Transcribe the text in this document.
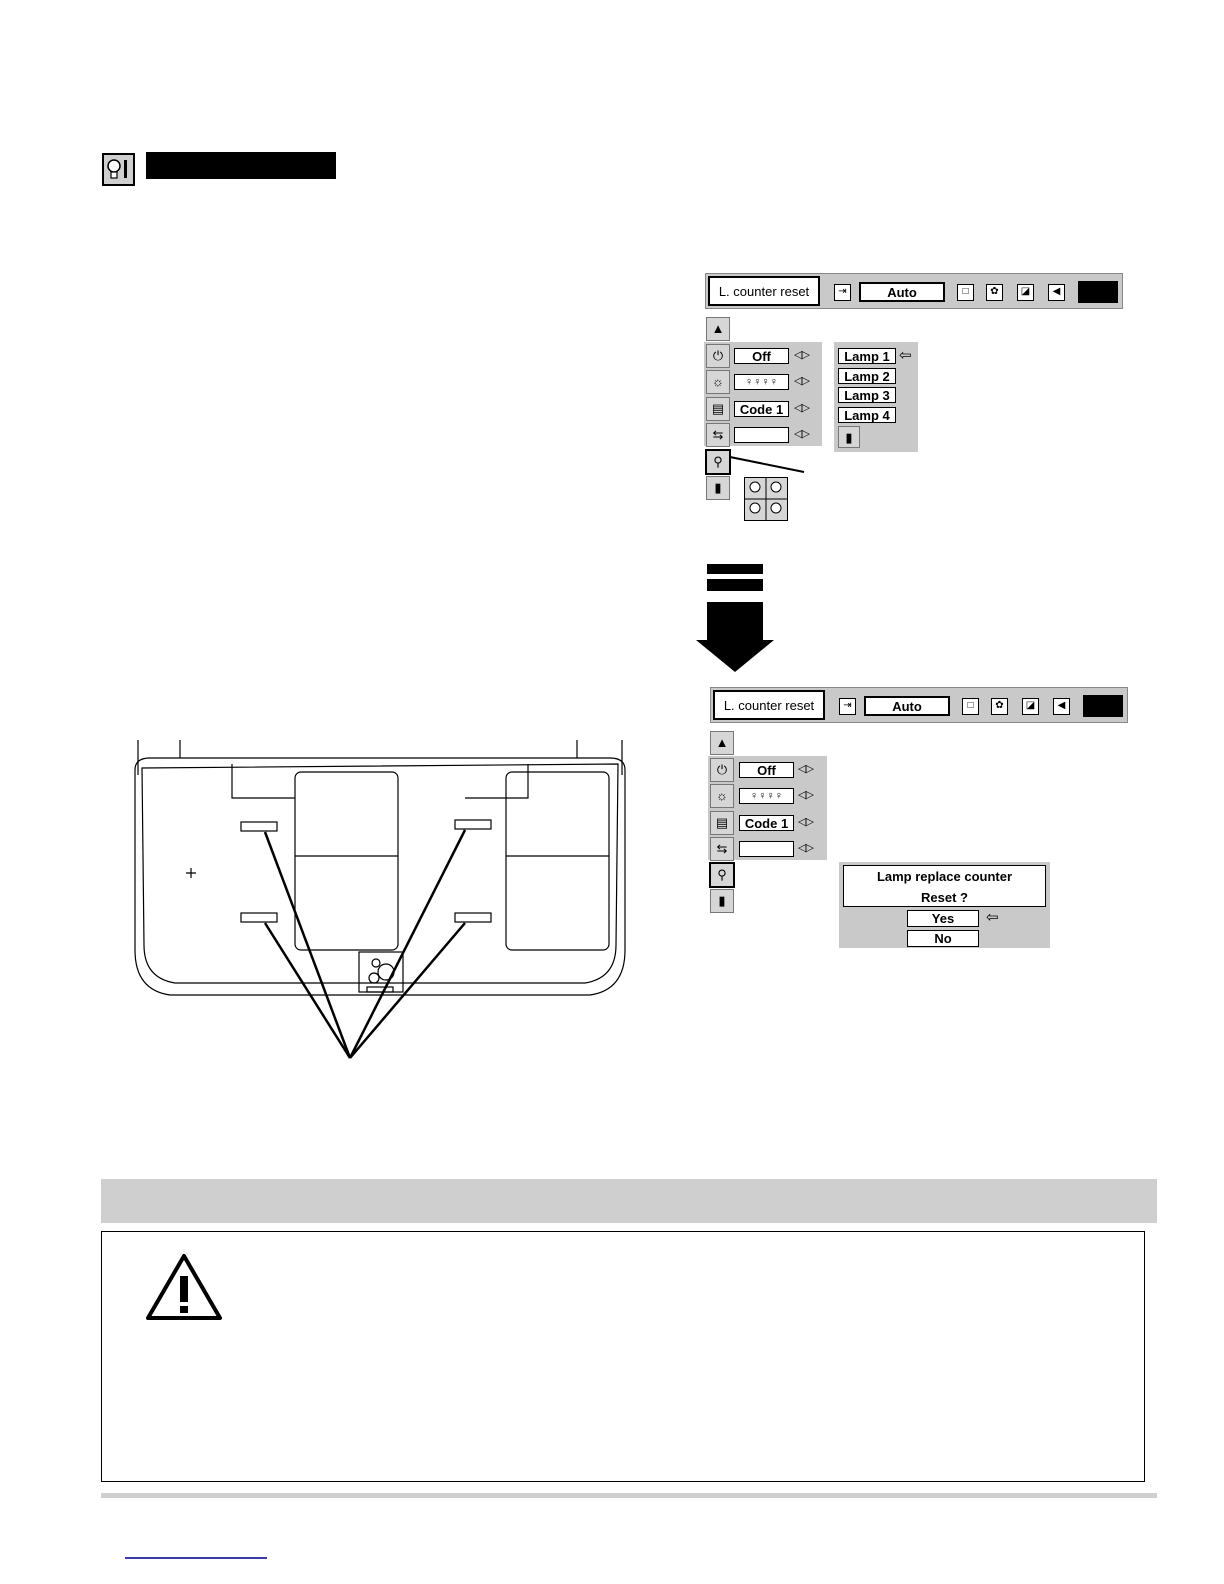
L. counter reset	⇥	Auto	□	✿	◪	◀
▲
⏻	Off	◁▷
☼	♀♀♀♀	◁▷
▤	Code 1 ◁▷
⇆	◁▷
⚲
▮
Lamp 1 ⇦
Lamp 2
Lamp 3
Lamp 4
▮
L. counter reset	⇥	Auto	□	✿	◪	◀
▲
⏻	Off	◁▷
☼	♀♀♀♀	◁▷
▤	Code 1 ◁▷
⇆	◁▷
⚲
▮
Lamp replace counter
Reset ?
Yes	⇦
No
